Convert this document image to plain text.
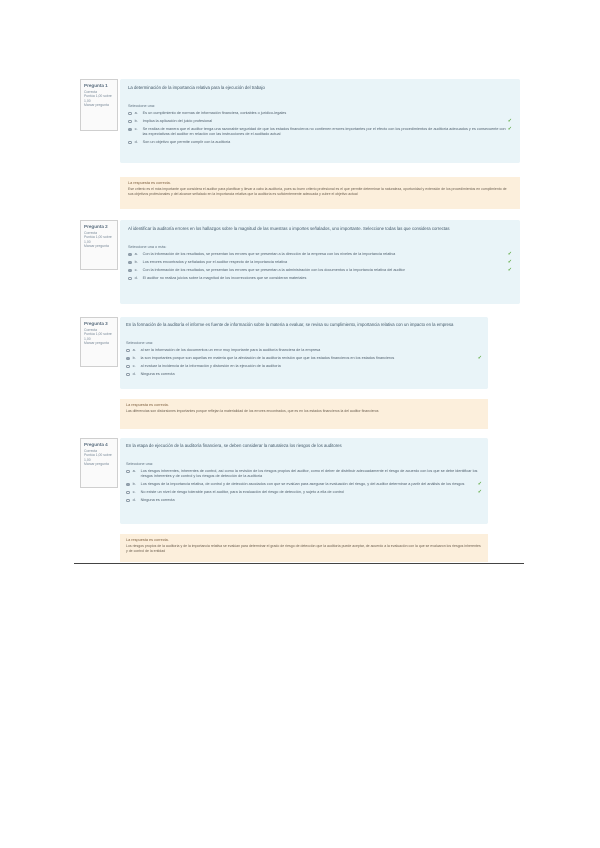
Pregunta 1
Correcta
Puntúa 1,00 sobre 1,00
Marcar pregunta
La determinación de la importancia relativa para la ejecución del trabajo
Seleccione una:
a.	Es un cumplimiento de normas de información financiera, contables o jurídico-legales
b.	Implica la aplicación del juicio profesional	✓
c.	Se realiza de manera que el auditor tenga una razonable seguridad de que los estados financieros no contienen errores importantes por el efecto con los procedimientos de auditoría adecuados y es consecuente con las expectativas del auditor en relación con las instrucciones de el auditado actual
✓
d.	Son un objetivo que permite cumplir con la auditoría
La respuesta es correcta.
Ese criterio es el más importante que considera el auditor para planificar y llevar a cabo la auditoría, pues su buen criterio profesional es el que permite determinar la naturaleza, oportunidad y extensión de los procedimientos en cumplimiento de sus objetivos profesionales y del alcance señalado en la importancia relativa que la auditoría es suficientemente adecuada y cubre el objetivo actual
Pregunta 2
Correcta
Puntúa 1,00 sobre 1,00
Marcar pregunta
Al identificar la auditoría errores en los hallazgos sobre la magnitud de las muestras o importes señalados, uno importante. Seleccione todas las que considera correctas
Seleccione una o más:
a.	Con la información de los resultados, se presentan los errores que se presentan a la dirección de la empresa con los niveles de la importancia relativa	✓
b.	Los errores encontrados y señalados por el auditor respecto de la importancia relativa	✓
c.	Con la información de los resultados, se presentan los errores que se presentan a la administración con los documentos o la importancia relativa del auditor	✓
d.	El auditor no realiza juicios sobre la magnitud de los incorrecciones que se consideran materiales
Pregunta 3
Correcta
Puntúa 1,00 sobre 1,00
Marcar pregunta
En la formación de la auditoría el informe es fuente de información sobre la materia a evaluar, se revisa su cumplimiento, importancia relativa con un impacto en la empresa
Seleccione una:
a.	al ser la información de los documentos un error muy importante para la auditoría financiera de la empresa
b.	la son importantes porque son aquellas en materia que la afectación de la auditoría revisión que que los estados financieros en los estados financieros	✓
c.	al evaluar la incidencia de la información y distorsión en la ejecución de la auditoría
d.	Ninguna es correcta
La respuesta es correcta.
Las diferencias son distorsiones importantes porque reflejan la materialidad de los errores encontrados, que es en los estados financieros la del auditor financieros
Pregunta 4
Correcta
Puntúa 1,00 sobre 1,00
Marcar pregunta
En la etapa de ejecución de la auditoría financiera, se deben considerar la naturaleza los riesgos de los auditores
Seleccione una:
a.	Los riesgos inherentes, inherentes de control, así como la revisión de los riesgos propios del auditor, como el deber de distribuir adecuadamente el riesgo de acuerdo con los que se debe identificar los riesgos inherentes y de control y los riesgos de detección de la auditoría
b.	Los riesgos de la importancia relativa, de control y de detección asociados con que se evalúan para asegurar la evaluación del riesgo, y del auditor determinar a partir del análisis de los riesgos	✓
c.	No existe un nivel de riesgo tolerable para el auditor, para la evaluación del riesgo de detección, y sujeto a ella de control	✓
d.	Ninguna es correcta
La respuesta es correcta.
Los riesgos propios de la auditoría y de la importancia relativa se evalúan para determinar el grado de riesgo de detección que la auditoría puede aceptar, de acuerdo a la evaluación con la que se evaluaron los riesgos inherentes y de control de la entidad
